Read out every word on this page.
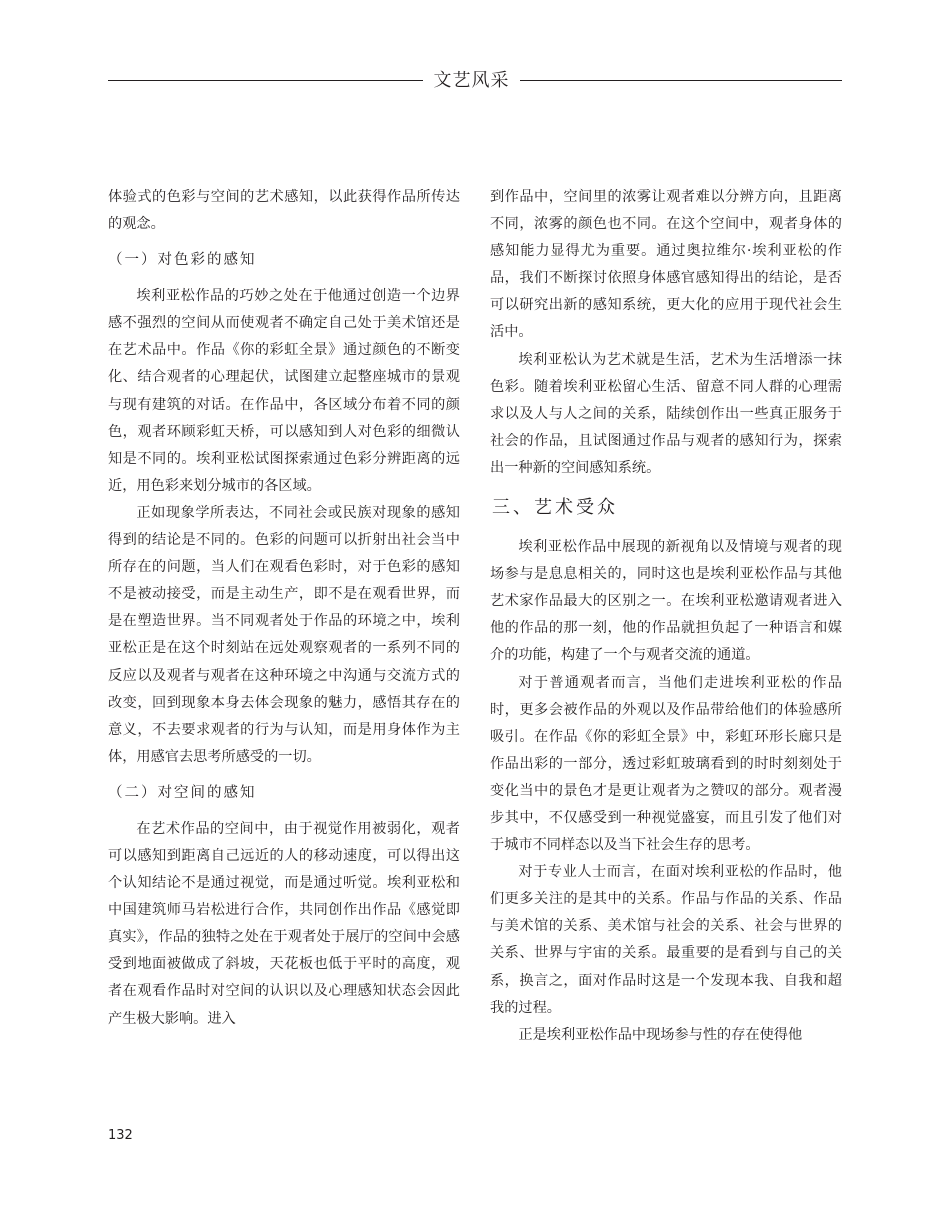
文艺风采

体验式的色彩与空间的艺术感知，以此获得作品所传达的观念。

（一）对色彩的感知

埃利亚松作品的巧妙之处在于他通过创造一个边界感不强烈的空间从而使观者不确定自己处于美术馆还是在艺术品中。作品《你的彩虹全景》通过颜色的不断变化、结合观者的心理起伏，试图建立起整座城市的景观与现有建筑的对话。在作品中，各区域分布着不同的颜色，观者环顾彩虹天桥，可以感知到人对色彩的细微认知是不同的。埃利亚松试图探索通过色彩分辨距离的远近，用色彩来划分城市的各区域。

正如现象学所表达，不同社会或民族对现象的感知得到的结论是不同的。色彩的问题可以折射出社会当中所存在的问题，当人们在观看色彩时，对于色彩的感知不是被动接受，而是主动生产，即不是在观看世界，而是在塑造世界。当不同观者处于作品的环境之中，埃利亚松正是在这个时刻站在远处观察观者的一系列不同的反应以及观者与观者在这种环境之中沟通与交流方式的改变，回到现象本身去体会现象的魅力，感悟其存在的意义，不去要求观者的行为与认知，而是用身体作为主体，用感官去思考所感受的一切。

（二）对空间的感知

在艺术作品的空间中，由于视觉作用被弱化，观者可以感知到距离自己远近的人的移动速度，可以得出这个认知结论不是通过视觉，而是通过听觉。埃利亚松和中国建筑师马岩松进行合作，共同创作出作品《感觉即真实》，作品的独特之处在于观者处于展厅的空间中会感受到地面被做成了斜坡，天花板也低于平时的高度，观者在观看作品时对空间的认识以及心理感知状态会因此产生极大影响。进入

到作品中，空间里的浓雾让观者难以分辨方向，且距离不同，浓雾的颜色也不同。在这个空间中，观者身体的感知能力显得尤为重要。通过奥拉维尔·埃利亚松的作品，我们不断探讨依照身体感官感知得出的结论，是否可以研究出新的感知系统，更大化的应用于现代社会生活中。

埃利亚松认为艺术就是生活，艺术为生活增添一抹色彩。随着埃利亚松留心生活、留意不同人群的心理需求以及人与人之间的关系，陆续创作出一些真正服务于社会的作品，且试图通过作品与观者的感知行为，探索出一种新的空间感知系统。

三、艺术受众

埃利亚松作品中展现的新视角以及情境与观者的现场参与是息息相关的，同时这也是埃利亚松作品与其他艺术家作品最大的区别之一。在埃利亚松邀请观者进入他的作品的那一刻，他的作品就担负起了一种语言和媒介的功能，构建了一个与观者交流的通道。

对于普通观者而言，当他们走进埃利亚松的作品时，更多会被作品的外观以及作品带给他们的体验感所吸引。在作品《你的彩虹全景》中，彩虹环形长廊只是作品出彩的一部分，透过彩虹玻璃看到的时时刻刻处于变化当中的景色才是更让观者为之赞叹的部分。观者漫步其中，不仅感受到一种视觉盛宴，而且引发了他们对于城市不同样态以及当下社会生存的思考。

对于专业人士而言，在面对埃利亚松的作品时，他们更多关注的是其中的关系。作品与作品的关系、作品与美术馆的关系、美术馆与社会的关系、社会与世界的关系、世界与宇宙的关系。最重要的是看到与自己的关系，换言之，面对作品时这是一个发现本我、自我和超我的过程。

正是埃利亚松作品中现场参与性的存在使得他

132
